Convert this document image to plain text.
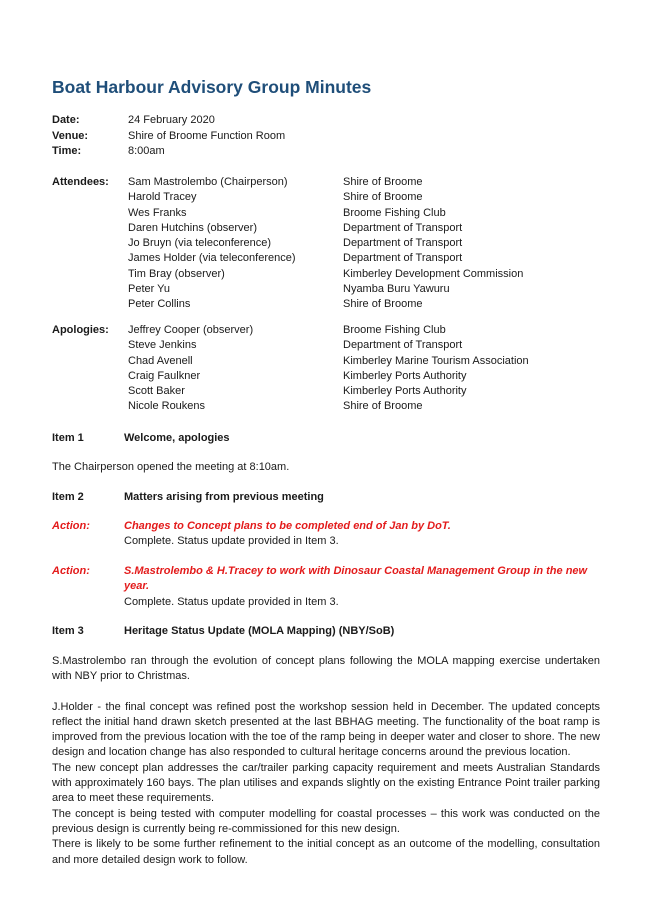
Boat Harbour Advisory Group Minutes
Date:	24 February 2020
Venue:	Shire of Broome Function Room
Time:	8:00am
Attendees:	Sam Mastrolembo (Chairperson)	Shire of Broome
Harold Tracey	Shire of Broome
Wes Franks	Broome Fishing Club
Daren Hutchins (observer)	Department of Transport
Jo Bruyn (via teleconference)	Department of Transport
James Holder (via teleconference)	Department of Transport
Tim Bray (observer)	Kimberley Development Commission
Peter Yu	Nyamba Buru Yawuru
Peter Collins	Shire of Broome
Apologies:	Jeffrey Cooper (observer)	Broome Fishing Club
Steve Jenkins	Department of Transport
Chad Avenell	Kimberley Marine Tourism Association
Craig Faulkner	Kimberley Ports Authority
Scott Baker	Kimberley Ports Authority
Nicole Roukens	Shire of Broome
Item 1	Welcome, apologies
The Chairperson opened the meeting at 8:10am.
Item 2	Matters arising from previous meeting
Action:	Changes to Concept plans to be completed end of Jan by DoT.
Complete. Status update provided in Item 3.
Action:	S.Mastrolembo & H.Tracey to work with Dinosaur Coastal Management Group in the new year.
Complete. Status update provided in Item 3.
Item 3	Heritage Status Update (MOLA Mapping) (NBY/SoB)
S.Mastrolembo ran through the evolution of concept plans following the MOLA mapping exercise undertaken with NBY prior to Christmas.
J.Holder - the final concept was refined post the workshop session held in December. The updated concepts reflect the initial hand drawn sketch presented at the last BBHAG meeting. The functionality of the boat ramp is improved from the previous location with the toe of the ramp being in deeper water and closer to shore. The new design and location change has also responded to cultural heritage concerns around the previous location.
The new concept plan addresses the car/trailer parking capacity requirement and meets Australian Standards with approximately 160 bays. The plan utilises and expands slightly on the existing Entrance Point trailer parking area to meet these requirements.
The concept is being tested with computer modelling for coastal processes – this work was conducted on the previous design is currently being re-commissioned for this new design.
There is likely to be some further refinement to the initial concept as an outcome of the modelling, consultation and more detailed design work to follow.
